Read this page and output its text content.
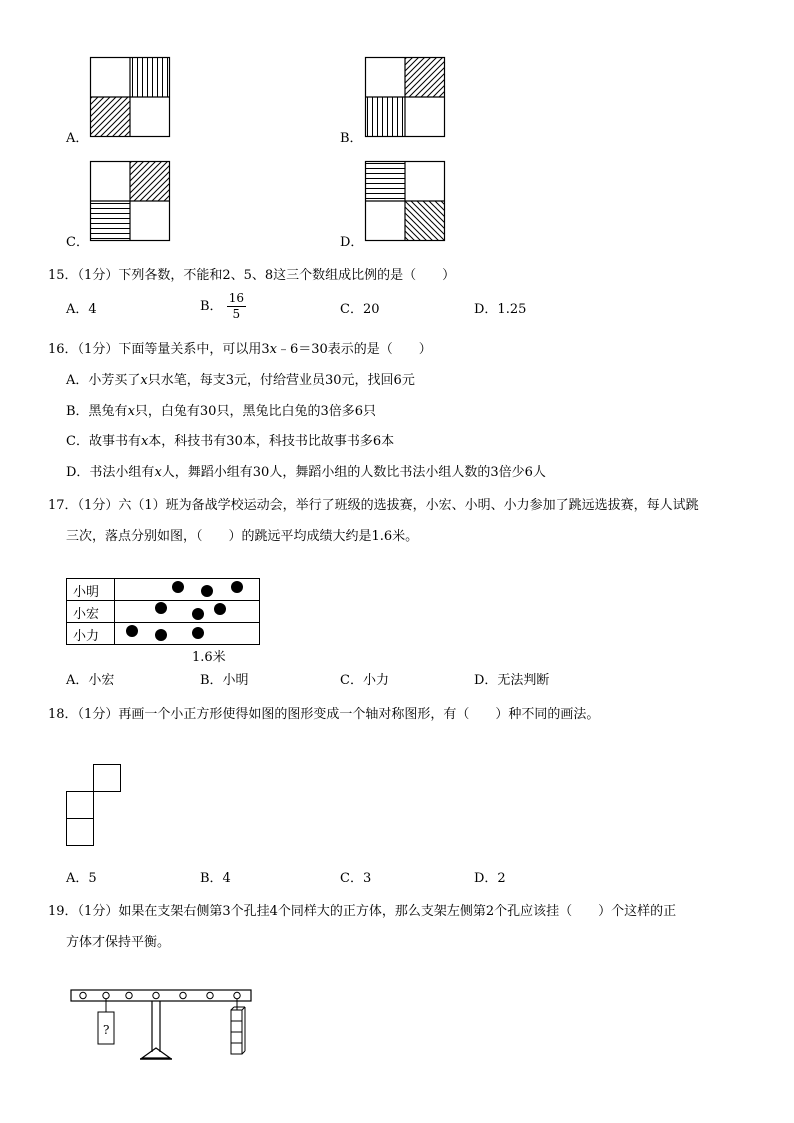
A．	B．
C．	D．
15．（1分）下列各数，不能和2、5、8这三个数组成比例的是（　　）
A．4	B． $\frac{16}{5}$	C．20	D．1.25
16．（1分）下面等量关系中，可以用3x﹣6＝30表示的是（　　）
A．小芳买了x只水笔，每支3元，付给营业员30元，找回6元
B．黑兔有x只，白兔有30只，黑兔比白兔的3倍多6只
C．故事书有x本，科技书有30本，科技书比故事书多6本
D．书法小组有x人，舞蹈小组有30人，舞蹈小组的人数比书法小组人数的3倍少6人
17．（1分）六（1）班为备战学校运动会，举行了班级的选拔赛，小宏、小明、小力参加了跳远选拔赛，每人试跳
三次，落点分别如图，（　　）的跳远平均成绩大约是1.6米。
小明
小宏
小力
1.6米
A．小宏	B．小明	C．小力	D．无法判断
18．（1分）再画一个小正方形使得如图的图形变成一个轴对称图形，有（　　）种不同的画法。
A．5	B．4	C．3	D．2
19．（1分）如果在支架右侧第3个孔挂4个同样大的正方体，那么支架左侧第2个孔应该挂（　　）个这样的正
方体才保持平衡。
?
